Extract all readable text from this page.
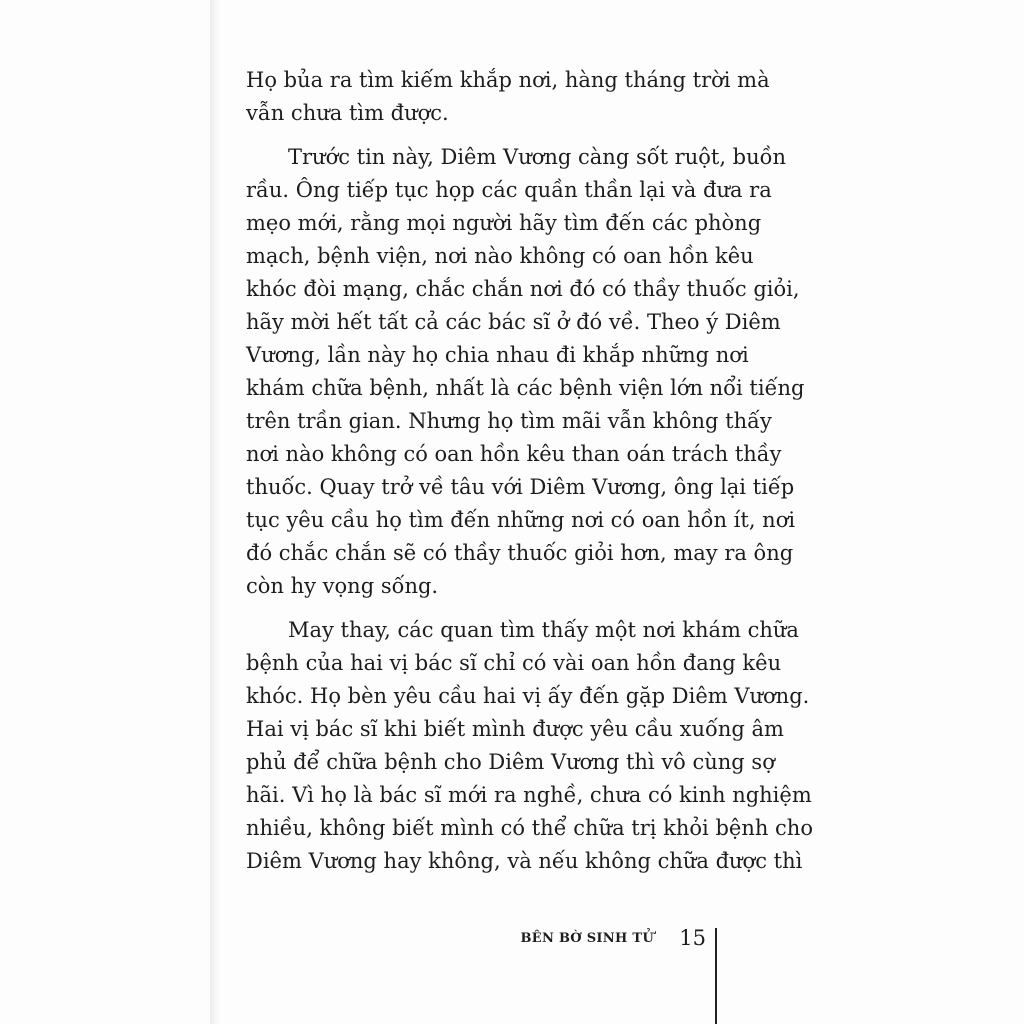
Họ bủa ra tìm kiếm khắp nơi, hàng tháng trời mà
vẫn chưa tìm được.
Trước tin này, Diêm Vương càng sốt ruột, buồn
rầu. Ông tiếp tục họp các quần thần lại và đưa ra
mẹo mới, rằng mọi người hãy tìm đến các phòng
mạch, bệnh viện, nơi nào không có oan hồn kêu
khóc đòi mạng, chắc chắn nơi đó có thầy thuốc giỏi,
hãy mời hết tất cả các bác sĩ ở đó về. Theo ý Diêm
Vương, lần này họ chia nhau đi khắp những nơi
khám chữa bệnh, nhất là các bệnh viện lớn nổi tiếng
trên trần gian. Nhưng họ tìm mãi vẫn không thấy
nơi nào không có oan hồn kêu than oán trách thầy
thuốc. Quay trở về tâu với Diêm Vương, ông lại tiếp
tục yêu cầu họ tìm đến những nơi có oan hồn ít, nơi
đó chắc chắn sẽ có thầy thuốc giỏi hơn, may ra ông
còn hy vọng sống.
May thay, các quan tìm thấy một nơi khám chữa
bệnh của hai vị bác sĩ chỉ có vài oan hồn đang kêu
khóc. Họ bèn yêu cầu hai vị ấy đến gặp Diêm Vương.
Hai vị bác sĩ khi biết mình được yêu cầu xuống âm
phủ để chữa bệnh cho Diêm Vương thì vô cùng sợ
hãi. Vì họ là bác sĩ mới ra nghề, chưa có kinh nghiệm
nhiều, không biết mình có thể chữa trị khỏi bệnh cho
Diêm Vương hay không, và nếu không chữa được thì
BÊN BỜ SINH TỬ 15
